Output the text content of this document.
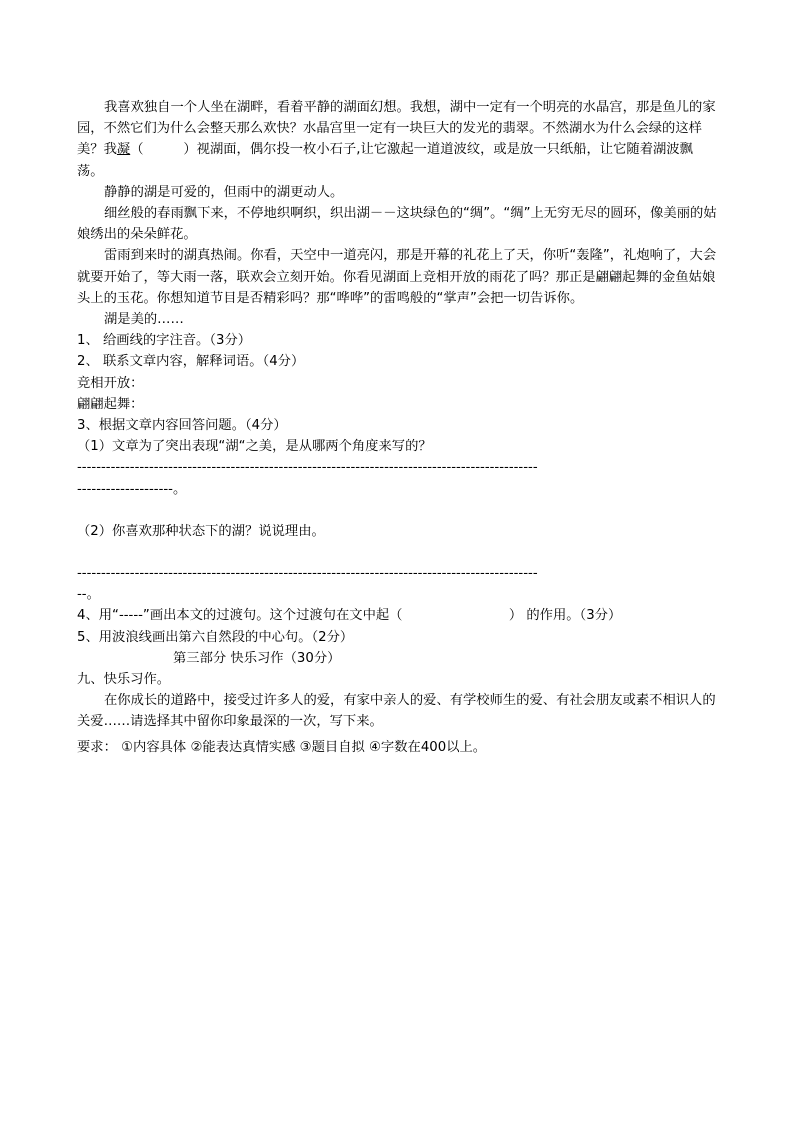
我喜欢独自一个人坐在湖畔，看着平静的湖面幻想。我想，湖中一定有一个明亮的水晶宫，那是鱼儿的家园，不然它们为什么会整天那么欢快？水晶宫里一定有一块巨大的发光的翡翠。不然湖水为什么会绿的这样美？我凝（　　　）视湖面，偶尔投一枚小石子,让它激起一道道波纹，或是放一只纸船，让它随着湖波飘荡。

静静的湖是可爱的，但雨中的湖更动人。

细丝般的春雨飘下来，不停地织啊织，织出湖－－这块绿色的“绸”。“绸”上无穷无尽的圆环，像美丽的姑娘绣出的朵朵鲜花。

雷雨到来时的湖真热闹。你看，天空中一道亮闪，那是开幕的礼花上了天，你听“轰隆”，礼炮响了，大会就要开始了，等大雨一落，联欢会立刻开始。你看见湖面上竞相开放的雨花了吗？那正是翩翩起舞的金鱼姑娘头上的玉花。你想知道节目是否精彩吗？那“哗哗”的雷鸣般的“掌声”会把一切告诉你。

湖是美的……

1、 给画线的字注音。（3分）

2、 联系文章内容，解释词语。（4分）

竞相开放：

翩翩起舞：

3、根据文章内容回答问题。（4分）

（1）文章为了突出表现“湖“之美，是从哪两个角度来写的？

------------------------------------------------------------------------------------------------

--------------------。

（2）你喜欢那种状态下的湖？说说理由。

------------------------------------------------------------------------------------------------

--。

4、用“-----”画出本文的过渡句。这个过渡句在文中起（　　　　　　　　	） 的作用。（3分）

5、用波浪线画出第六自然段的中心句。（2分）

第三部分 快乐习作（30分）

九、快乐习作。

在你成长的道路中，接受过许多人的爱，有家中亲人的爱、有学校师生的爱、有社会朋友或素不相识人的关爱……请选择其中留你印象最深的一次，写下来。

要求： ①内容具体 ②能表达真情实感 ③题目自拟 ④字数在400以上。
